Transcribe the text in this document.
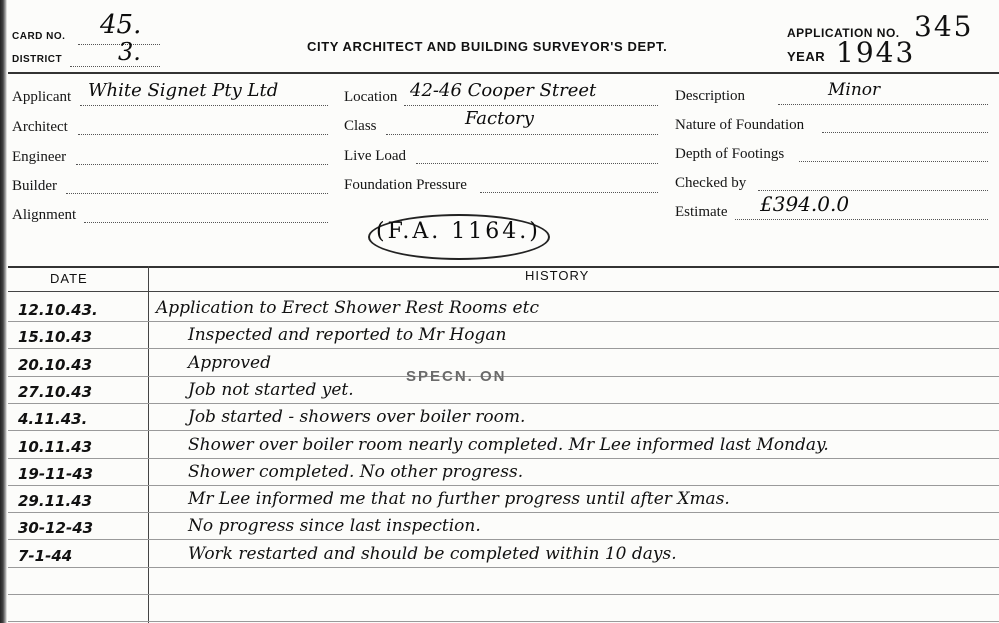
CARD NO. 45.
DISTRICT 3.	CITY ARCHITECT AND BUILDING SURVEYOR'S DEPT.
APPLICATION NO. 345
YEAR 1943
Applicant White Signet Pty Ltd
Architect
Engineer
Builder
Alignment
Location 42-46 Cooper Street
Class	Factory
Live Load
Foundation Pressure
Description	Minor
Nature of Foundation
Depth of Footings
Checked by
Estimate £394.0.0
(F.A. 1164.)
DATE	HISTORY
SPECN. ON
12.10.43.	Application to Erect Shower Rest Rooms etc
15.10.43	Inspected and reported to Mr Hogan
20.10.43	Approved
27.10.43	Job not started yet.
4.11.43.	Job started - showers over boiler room.
10.11.43	Shower over boiler room nearly completed. Mr Lee informed last Monday.
19-11-43	Shower completed. No other progress.
29.11.43	Mr Lee informed me that no further progress until after Xmas.
30-12-43	No progress since last inspection.
7-1-44	Work restarted and should be completed within 10 days.
